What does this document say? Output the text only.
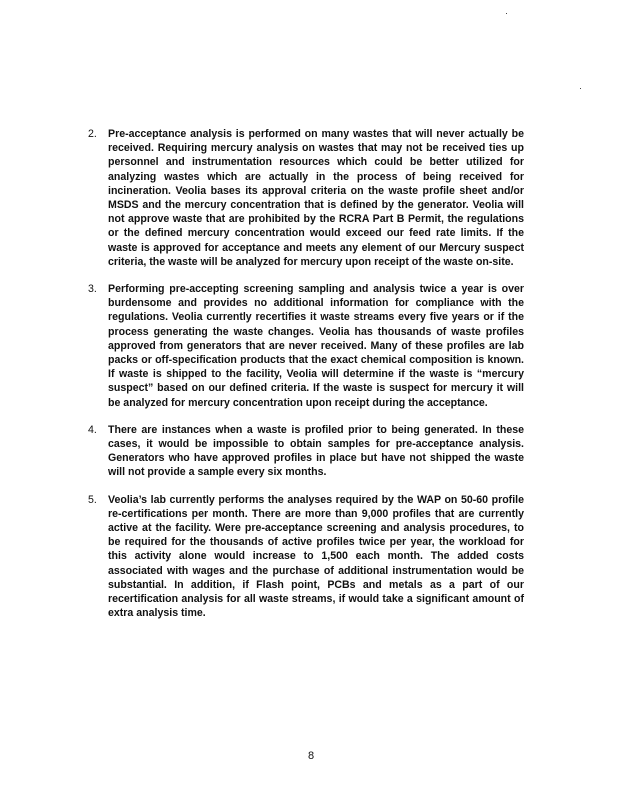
2.	Pre-acceptance analysis is performed on many wastes that will never actually be received. Requiring mercury analysis on wastes that may not be received ties up personnel and instrumentation resources which could be better utilized for analyzing wastes which are actually in the process of being received for incineration. Veolia bases its approval criteria on the waste profile sheet and/or MSDS and the mercury concentration that is defined by the generator. Veolia will not approve waste that are prohibited by the RCRA Part B Permit, the regulations or the defined mercury concentration would exceed our feed rate limits. If the waste is approved for acceptance and meets any element of our Mercury suspect criteria, the waste will be analyzed for mercury upon receipt of the waste on-site.
3.	Performing pre-accepting screening sampling and analysis twice a year is over burdensome and provides no additional information for compliance with the regulations. Veolia currently recertifies it waste streams every five years or if the process generating the waste changes. Veolia has thousands of waste profiles approved from generators that are never received. Many of these profiles are lab packs or off-specification products that the exact chemical composition is known. If waste is shipped to the facility, Veolia will determine if the waste is “mercury suspect” based on our defined criteria. If the waste is suspect for mercury it will be analyzed for mercury concentration upon receipt during the acceptance.
4.	There are instances when a waste is profiled prior to being generated. In these cases, it would be impossible to obtain samples for pre-acceptance analysis. Generators who have approved profiles in place but have not shipped the waste will not provide a sample every six months.
5.	Veolia’s lab currently performs the analyses required by the WAP on 50-60 profile re-certifications per month. There are more than 9,000 profiles that are currently active at the facility. Were pre-acceptance screening and analysis procedures, to be required for the thousands of active profiles twice per year, the workload for this activity alone would increase to 1,500 each month. The added costs associated with wages and the purchase of additional instrumentation would be substantial. In addition, if Flash point, PCBs and metals as a part of our recertification analysis for all waste streams, if would take a significant amount of extra analysis time.
8
